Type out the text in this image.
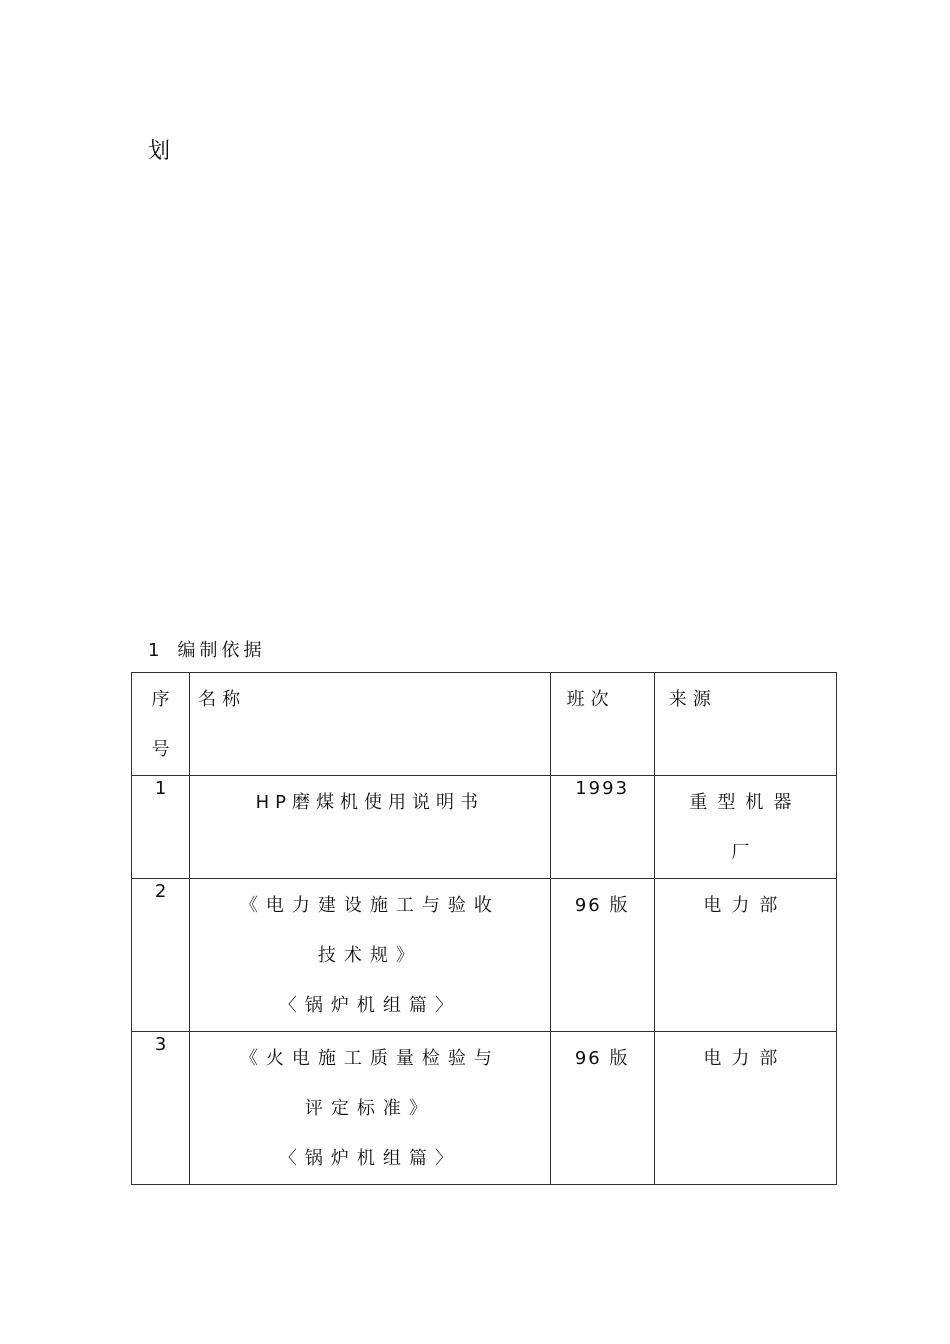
划
1 编制依据
序
号	名称	班次	来源
1	HP磨煤机使用说明书	1993	重型机器
厂

2	《电力建设施工与验收
技术规》
〈锅炉机组篇〉	96 版	电力部

3	《火电施工质量检验与
评定标准》
〈锅炉机组篇〉	96 版	电力部
